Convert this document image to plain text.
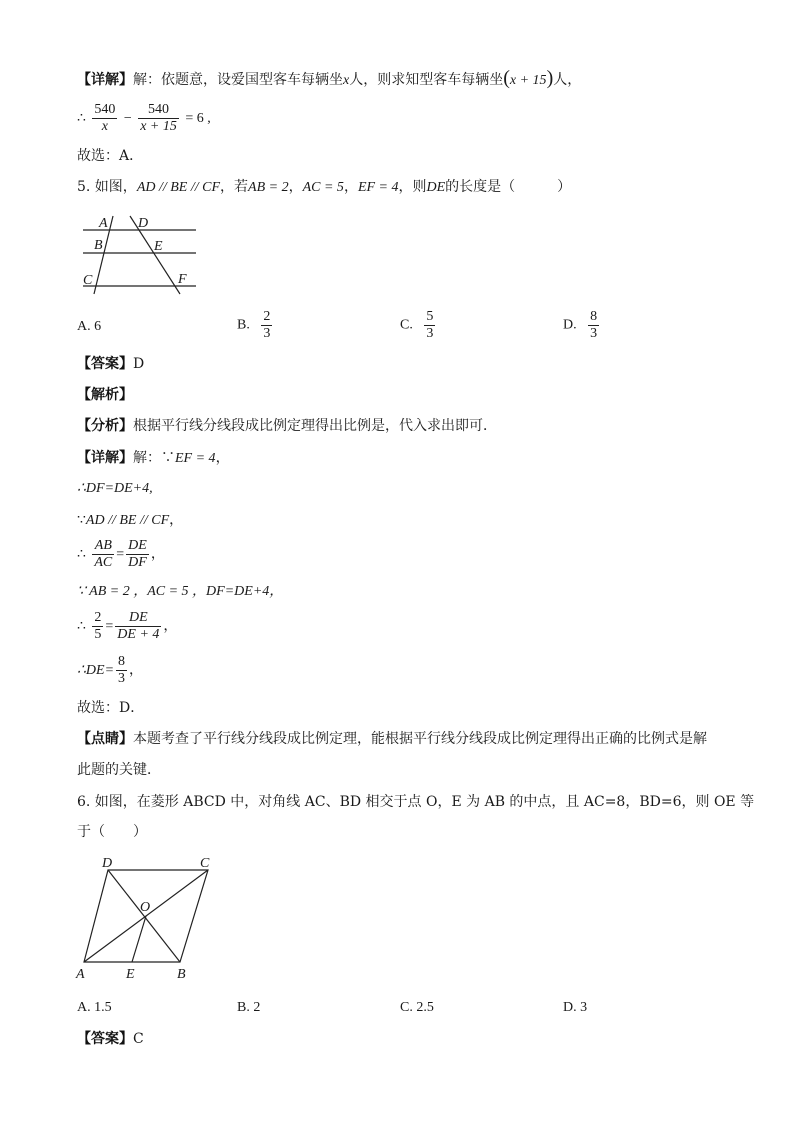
【详解】解：依题意，设爱国型客车每辆坐x人，则求知型客车每辆坐(x + 15)人，
∴ $\frac{540}{x} - \frac{540}{x + 15} = 6$ ,
故选：A．
5. 如图，AD // BE // CF，若AB = 2，AC = 5，EF = 4，则DE的长度是（　　　）
A D
B	E
C	F
A. 6	B. $\frac{2}{3}$	C. $\frac{5}{3}$	D. $\frac{8}{3}$
【答案】D
【解析】
【分析】根据平行线分线段成比例定理得出比例是，代入求出即可．
【详解】解：∵EF = 4，
∴DF=DE+4,
∵AD // BE // CF，
∴ $\frac{AB}{AC} = \frac{DE}{DF}$ ，
∵ AB = 2 ，AC = 5 ，DF=DE+4，
∴ $\frac{2}{5} = \frac{DE}{DE + 4}$ ，
∴DE= $\frac{8}{3}$ ，
故选：D．
【点睛】本题考查了平行线分线段成比例定理，能根据平行线分线段成比例定理得出正确的比例式是解
此题的关键．
6. 如图，在菱形 ABCD 中，对角线 AC、BD 相交于点 O，E 为 AB 的中点，且 AC=8，BD=6，则 OE 等
于（　　）
D	C
O
A	E	B
A. 1.5	B. 2	C. 2.5	D. 3
【答案】C
